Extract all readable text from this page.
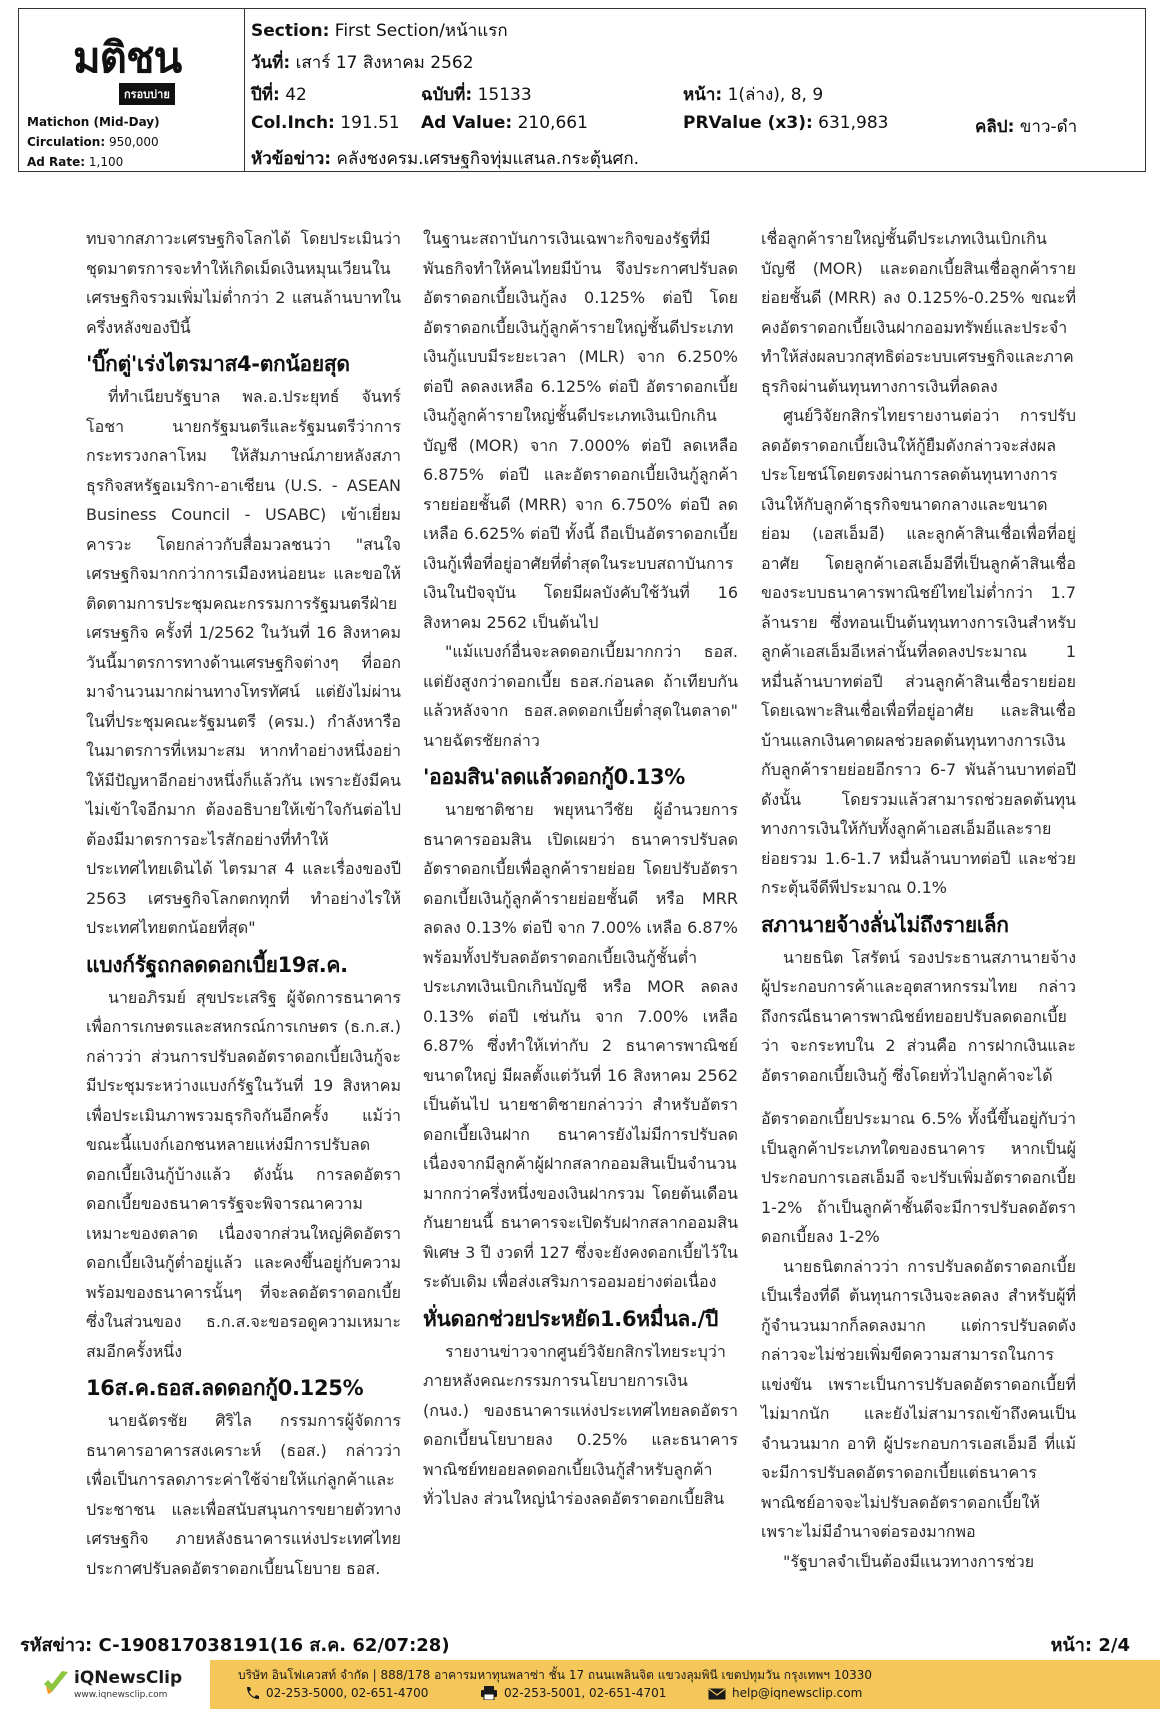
มติชน
กรอบบ่าย
Matichon (Mid-Day)
Circulation: 950,000
Ad Rate: 1,100
Section: First Section/หน้าแรก
วันที่: เสาร์ 17 สิงหาคม 2562
ปีที่: 42	ฉบับที่: 15133	หน้า: 1(ล่าง), 8, 9
Col.Inch: 191.51 Ad Value: 210,661	PRValue (x3): 631,983	คลิป: ขาว-ดำ
หัวข้อข่าว: คลังชงครม.เศรษฐกิจทุ่มแสนล.กระตุ้นศก.

ทบจากสภาวะเศรษฐกิจโลกได้ โดยประเมินว่าชุดมาตรการจะทำให้เกิดเม็ดเงินหมุนเวียนในเศรษฐกิจรวมเพิ่มไม่ต่ำกว่า 2 แสนล้านบาทในครึ่งหลังของปีนี้

'บิ๊กตู่'เร่งไตรมาส4-ตกน้อยสุด

ที่ทำเนียบรัฐบาล พล.อ.ประยุทธ์ จันทร์โอชา นายกรัฐมนตรีและรัฐมนตรีว่าการกระทรวงกลาโหม ให้สัมภาษณ์ภายหลังสภาธุรกิจสหรัฐอเมริกา-อาเซียน (U.S. - ASEAN Business Council - USABC) เข้าเยี่ยมคารวะ โดยกล่าวกับสื่อมวลชนว่า "สนใจเศรษฐกิจมากกว่าการเมืองหน่อยนะ และขอให้ติดตามการประชุมคณะกรรมการรัฐมนตรีฝ่ายเศรษฐกิจ ครั้งที่ 1/2562 ในวันที่ 16 สิงหาคม วันนี้มาตรการทางด้านเศรษฐกิจต่างๆ ที่ออกมาจำนวนมากผ่านทางโทรทัศน์ แต่ยังไม่ผ่านในที่ประชุมคณะรัฐมนตรี (ครม.) กำลังหารือในมาตรการที่เหมาะสม หากทำอย่างหนึ่งอย่าให้มีปัญหาอีกอย่างหนึ่งก็แล้วกัน เพราะยังมีคนไม่เข้าใจอีกมาก ต้องอธิบายให้เข้าใจกันต่อไป ต้องมีมาตรการอะไรสักอย่างที่ทำให้ประเทศไทยเดินได้ ไตรมาส 4 และเรื่องของปี 2563 เศรษฐกิจโลกตกทุกที่ ทำอย่างไรให้ประเทศไทยตกน้อยที่สุด"

แบงก์รัฐถกลดดอกเบี้ย19ส.ค.

นายอภิรมย์ สุขประเสริฐ ผู้จัดการธนาคารเพื่อการเกษตรและสหกรณ์การเกษตร (ธ.ก.ส.) กล่าวว่า ส่วนการปรับลดอัตราดอกเบี้ยเงินกู้จะมีประชุมระหว่างแบงก์รัฐในวันที่ 19 สิงหาคม เพื่อประเมินภาพรวมธุรกิจกันอีกครั้ง แม้ว่าขณะนี้แบงก์เอกชนหลายแห่งมีการปรับลดดอกเบี้ยเงินกู้บ้างแล้ว ดังนั้น การลดอัตราดอกเบี้ยของธนาคารรัฐจะพิจารณาความเหมาะของตลาด เนื่องจากส่วนใหญ่คิดอัตราดอกเบี้ยเงินกู้ต่ำอยู่แล้ว และคงขึ้นอยู่กับความพร้อมของธนาคารนั้นๆ ที่จะลดอัตราดอกเบี้ย ซึ่งในส่วนของ ธ.ก.ส.จะขอรอดูความเหมาะสมอีกครั้งหนึ่ง

16ส.ค.ธอส.ลดดอกกู้0.125%

นายฉัตรชัย ศิริไล กรรมการผู้จัดการธนาคารอาคารสงเคราะห์ (ธอส.) กล่าวว่า เพื่อเป็นการลดภาระค่าใช้จ่ายให้แก่ลูกค้าและประชาชน และเพื่อสนับสนุนการขยายตัวทางเศรษฐกิจ ภายหลังธนาคารแห่งประเทศไทยประกาศปรับลดอัตราดอกเบี้ยนโยบาย ธอส.

ในฐานะสถาบันการเงินเฉพาะกิจของรัฐที่มีพันธกิจทำให้คนไทยมีบ้าน จึงประกาศปรับลดอัตราดอกเบี้ยเงินกู้ลง 0.125% ต่อปี โดยอัตราดอกเบี้ยเงินกู้ลูกค้ารายใหญ่ชั้นดีประเภทเงินกู้แบบมีระยะเวลา (MLR) จาก 6.250% ต่อปี ลดลงเหลือ 6.125% ต่อปี อัตราดอกเบี้ยเงินกู้ลูกค้ารายใหญ่ชั้นดีประเภทเงินเบิกเกินบัญชี (MOR) จาก 7.000% ต่อปี ลดเหลือ 6.875% ต่อปี และอัตราดอกเบี้ยเงินกู้ลูกค้ารายย่อยชั้นดี (MRR) จาก 6.750% ต่อปี ลดเหลือ 6.625% ต่อปี ทั้งนี้ ถือเป็นอัตราดอกเบี้ยเงินกู้เพื่อที่อยู่อาศัยที่ต่ำสุดในระบบสถาบันการเงินในปัจจุบัน โดยมีผลบังคับใช้วันที่ 16 สิงหาคม 2562 เป็นต้นไป

"แม้แบงก์อื่นจะลดดอกเบี้ยมากกว่า ธอส. แต่ยังสูงกว่าดอกเบี้ย ธอส.ก่อนลด ถ้าเทียบกันแล้วหลังจาก ธอส.ลดดอกเบี้ยต่ำสุดในตลาด" นายฉัตรชัยกล่าว

'ออมสิน'ลดแล้วดอกกู้0.13%

นายชาติชาย พยุหนาวีชัย ผู้อำนวยการธนาคารออมสิน เปิดเผยว่า ธนาคารปรับลดอัตราดอกเบี้ยเพื่อลูกค้ารายย่อย โดยปรับอัตราดอกเบี้ยเงินกู้ลูกค้ารายย่อยชั้นดี หรือ MRR ลดลง 0.13% ต่อปี จาก 7.00% เหลือ 6.87% พร้อมทั้งปรับลดอัตราดอกเบี้ยเงินกู้ชั้นต่ำประเภทเงินเบิกเกินบัญชี หรือ MOR ลดลง 0.13% ต่อปี เช่นกัน จาก 7.00% เหลือ 6.87% ซึ่งทำให้เท่ากับ 2 ธนาคารพาณิชย์ขนาดใหญ่ มีผลตั้งแต่วันที่ 16 สิงหาคม 2562 เป็นต้นไป นายชาติชายกล่าวว่า สำหรับอัตราดอกเบี้ยเงินฝาก ธนาคารยังไม่มีการปรับลด เนื่องจากมีลูกค้าผู้ฝากสลากออมสินเป็นจำนวนมากกว่าครึ่งหนึ่งของเงินฝากรวม โดยต้นเดือนกันยายนนี้ ธนาคารจะเปิดรับฝากสลากออมสินพิเศษ 3 ปี งวดที่ 127 ซึ่งจะยังคงดอกเบี้ยไว้ในระดับเดิม เพื่อส่งเสริมการออมอย่างต่อเนื่อง

หั่นดอกช่วยประหยัด1.6หมื่นล./ปี

รายงานข่าวจากศูนย์วิจัยกสิกรไทยระบุว่า ภายหลังคณะกรรมการนโยบายการเงิน (กนง.) ของธนาคารแห่งประเทศไทยลดอัตราดอกเบี้ยนโยบายลง 0.25% และธนาคารพาณิชย์ทยอยลดดอกเบี้ยเงินกู้สำหรับลูกค้าทั่วไปลง ส่วนใหญ่นำร่องลดอัตราดอกเบี้ยสิน

เชื่อลูกค้ารายใหญ่ชั้นดีประเภทเงินเบิกเกินบัญชี (MOR) และดอกเบี้ยสินเชื่อลูกค้ารายย่อยชั้นดี (MRR) ลง 0.125%-0.25% ขณะที่คงอัตราดอกเบี้ยเงินฝากออมทรัพย์และประจำทำให้ส่งผลบวกสุทธิต่อระบบเศรษฐกิจและภาคธุรกิจผ่านต้นทุนทางการเงินที่ลดลง

ศูนย์วิจัยกสิกรไทยรายงานต่อว่า การปรับลดอัตราดอกเบี้ยเงินให้กู้ยืมดังกล่าวจะส่งผลประโยชน์โดยตรงผ่านการลดต้นทุนทางการเงินให้กับลูกค้าธุรกิจขนาดกลางและขนาดย่อม (เอสเอ็มอี) และลูกค้าสินเชื่อเพื่อที่อยู่อาศัย โดยลูกค้าเอสเอ็มอีที่เป็นลูกค้าสินเชื่อของระบบธนาคารพาณิชย์ไทยไม่ต่ำกว่า 1.7 ล้านราย ซึ่งทอนเป็นต้นทุนทางการเงินสำหรับลูกค้าเอสเอ็มอีเหล่านั้นที่ลดลงประมาณ 1 หมื่นล้านบาทต่อปี ส่วนลูกค้าสินเชื่อรายย่อย โดยเฉพาะสินเชื่อเพื่อที่อยู่อาศัย และสินเชื่อบ้านแลกเงินคาดผลช่วยลดต้นทุนทางการเงินกับลูกค้ารายย่อยอีกราว 6-7 พันล้านบาทต่อปี ดังนั้น โดยรวมแล้วสามารถช่วยลดต้นทุนทางการเงินให้กับทั้งลูกค้าเอสเอ็มอีและรายย่อยรวม 1.6-1.7 หมื่นล้านบาทต่อปี และช่วยกระตุ้นจีดีพีประมาณ 0.1%

สภานายจ้างลั่นไม่ถึงรายเล็ก

นายธนิต โสรัตน์ รองประธานสภานายจ้างผู้ประกอบการค้าและอุตสาหกรรมไทย กล่าวถึงกรณีธนาคารพาณิชย์ทยอยปรับลดดอกเบี้ยว่า จะกระทบใน 2 ส่วนคือ การฝากเงินและอัตราดอกเบี้ยเงินกู้ ซึ่งโดยทั่วไปลูกค้าจะได้

อัตราดอกเบี้ยประมาณ 6.5% ทั้งนี้ขึ้นอยู่กับว่าเป็นลูกค้าประเภทใดของธนาคาร หากเป็นผู้ประกอบการเอสเอ็มอี จะปรับเพิ่มอัตราดอกเบี้ย 1-2% ถ้าเป็นลูกค้าชั้นดีจะมีการปรับลดอัตราดอกเบี้ยลง 1-2%

นายธนิตกล่าวว่า การปรับลดอัตราดอกเบี้ยเป็นเรื่องที่ดี ต้นทุนการเงินจะลดลง สำหรับผู้ที่กู้จำนวนมากก็ลดลงมาก แต่การปรับลดดังกล่าวจะไม่ช่วยเพิ่มขีดความสามารถในการแข่งขัน เพราะเป็นการปรับลดอัตราดอกเบี้ยที่ไม่มากนัก และยังไม่สามารถเข้าถึงคนเป็นจำนวนมาก อาทิ ผู้ประกอบการเอสเอ็มอี ที่แม้จะมีการปรับลดอัตราดอกเบี้ยแต่ธนาคารพาณิชย์อาจจะไม่ปรับลดอัตราดอกเบี้ยให้ เพราะไม่มีอำนาจต่อรองมากพอ

"รัฐบาลจำเป็นต้องมีแนวทางการช่วย

รหัสข่าว: C-190817038191(16 ส.ค. 62/07:28)	หน้า: 2/4
iQNewsClip
www.iqnewsclip.com
บริษัท อินโฟเควสท์ จำกัด | 888/178 อาคารมหาทุนพลาซ่า ชั้น 17 ถนนเพลินจิต แขวงลุมพินี เขตปทุมวัน กรุงเทพฯ 10330
02-253-5000, 02-651-4700	02-253-5001, 02-651-4701	help@iqnewsclip.com
